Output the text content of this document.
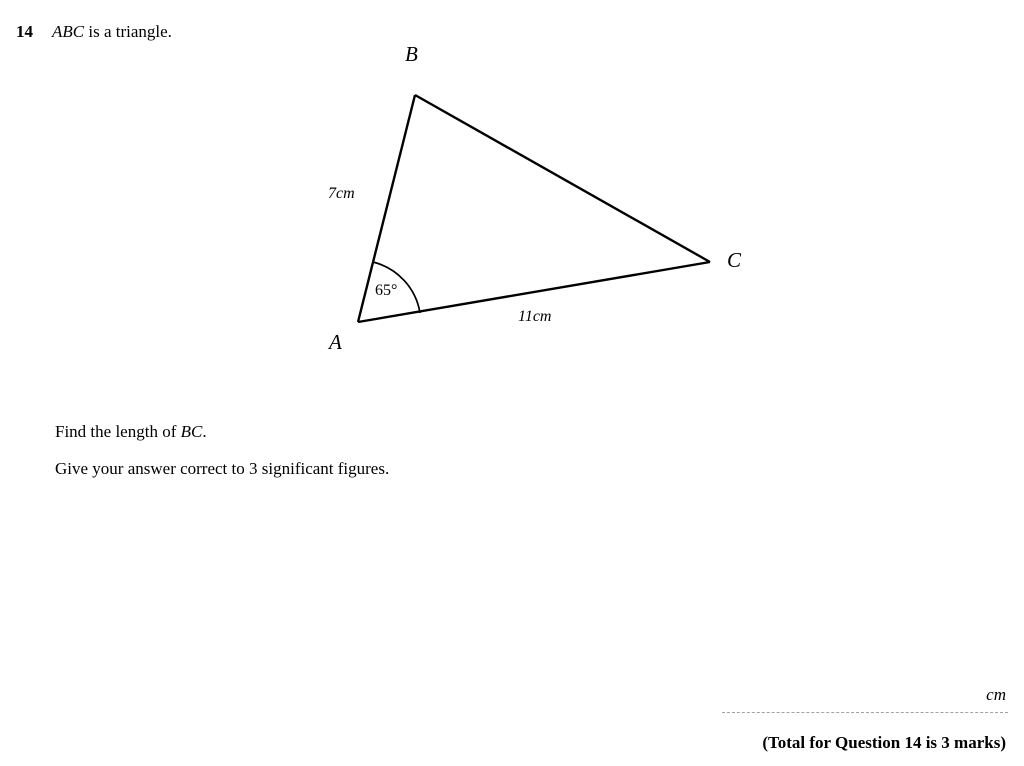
14 ABC is a triangle.
B
C
A
7cm
11cm
65°
Find the length of BC.
Give your answer correct to 3 significant figures.
cm
(Total for Question 14 is 3 marks)
